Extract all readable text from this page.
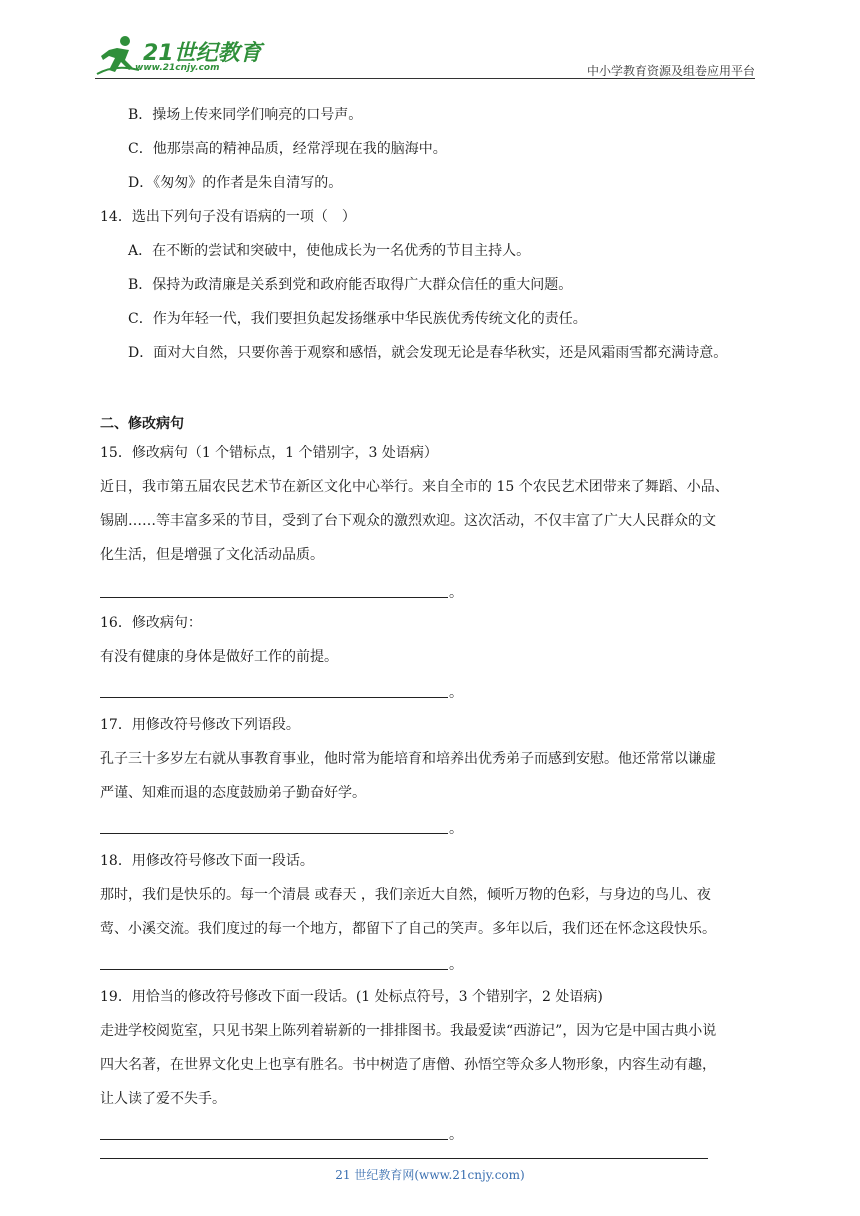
21世纪教育
www.21cnjy.com	中小学教育资源及组卷应用平台
B．操场上传来同学们响亮的口号声。
C．他那崇高的精神品质，经常浮现在我的脑海中。
D．《匆匆》的作者是朱自清写的。
14．选出下列句子没有语病的一项（　）
A．在不断的尝试和突破中，使他成长为一名优秀的节目主持人。
B．保持为政清廉是关系到党和政府能否取得广大群众信任的重大问题。
C．作为年轻一代，我们要担负起发扬继承中华民族优秀传统文化的责任。
D．面对大自然，只要你善于观察和感悟，就会发现无论是春华秋实，还是风霜雨雪都充满诗意。
二、修改病句
15．修改病句（1 个错标点，1 个错别字，3 处语病）
近日，我市第五届农民艺术节在新区文化中心举行。来自全市的 15 个农民艺术团带来了舞蹈、小品、
锡剧……等丰富多采的节目，受到了台下观众的激烈欢迎。这次活动，不仅丰富了广大人民群众的文
化生活，但是增强了文化活动品质。
。
16．修改病句：
有没有健康的身体是做好工作的前提。
。
17．用修改符号修改下列语段。
孔子三十多岁左右就从事教育事业，他时常为能培育和培养出优秀弟子而感到安慰。他还常常以谦虚
严谨、知难而退的态度鼓励弟子勤奋好学。
。
18．用修改符号修改下面一段话。
那时，我们是快乐的。每一个清晨 或春天 ，我们亲近大自然，倾听万物的色彩，与身边的鸟儿、夜
莺、小溪交流。我们度过的每一个地方，都留下了自己的笑声。多年以后，我们还在怀念这段快乐。
。
19．用恰当的修改符号修改下面一段话。(1 处标点符号，3 个错别字，2 处语病)
走进学校阅览室，只见书架上陈列着崭新的一排排图书。我最爱读“西游记”，因为它是中国古典小说
四大名著，在世界文化史上也享有胜名。书中树造了唐僧、孙悟空等众多人物形象，内容生动有趣，
让人读了爱不失手。
。
21 世纪教育网(www.21cnjy.com)
